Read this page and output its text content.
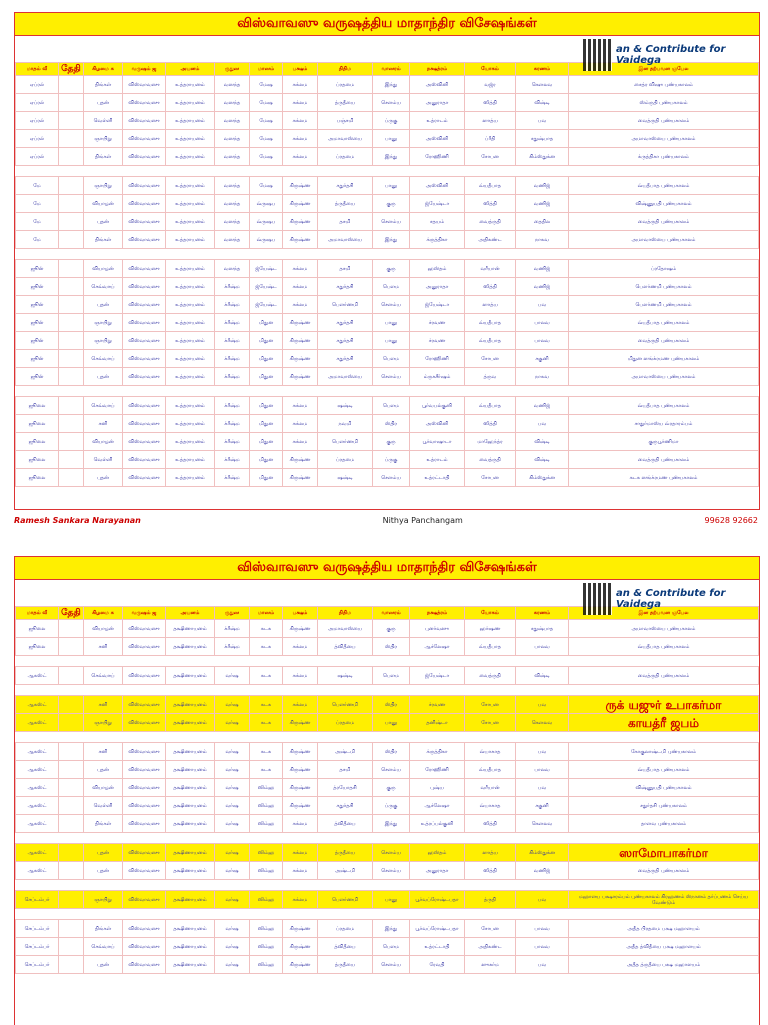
விஸ்வாவஸு வருஷத்திய மாதாந்திர விசேஷங்கள்
an & Contribute for Vaidega
மாதம் வீ	தேதி	கிழமை க	வருஷம் ஜ	அயனம்	ருதுஸ	மாஸம்	பக்ஷம்	திதிம	வாஸரம்	நக்ஷத்ரம்	யோகம்	கரணம்	இன தற்பவன ஞபேல
ஏப்ரல்		திங்கள்	விஸ்வாவஸு	உத்தராயனம்	வஸந்த	மேஷ	சுக்லம	ப்ரதமை	இந்து	அஸ்வினி	வஜ்ர	கௌலவ	சைத்ர விஷு புண்யகாலம்
ஏப்ரல்		புதன்	விஸ்வாவஸு	உத்தராயனம்	வஸந்த	மேஷ	சுக்லம	த்ருதீயை	சௌம்ய	அனுராதா	ஸித்தி	விஷ்டி	ஸ்ம்ருதி புண்யகாலம்
ஏப்ரல்		வெள்ளி	விஸ்வாவஸு	உத்தராயனம்	வஸந்த	மேஷ	சுக்லம	பஞ்சமி	ப்ருகு	உத்ராடம்	ஸாத்ய	பவ	வைத்ருதி புண்யகாலம்
ஏப்ரல்		ஞாயிறு	விஸ்வாவஸு	உத்தராயனம்	வஸந்த	மேஷ	சுக்லம	அமாவாஸ்யை	பானு	அஸ்வினி	ப்ரீதி	சதுஷ்பாத	அமாவாஸ்யை புண்யகாலம்
ஏப்ரல்		திங்கள்	விஸ்வாவஸு	உத்தராயனம்	வஸந்த	மேஷ	சுக்லம	ப்ரதமை	இந்து	ரோஹிணி	சோபன	கிம்ஸ்துக்ன	க்ருத்திகா புண்யகாலம்

மே		ஞாயிறு	விஸ்வாவஸு	உத்தராயனம்	வஸந்த	மேஷ	கிருஷ்ண	சதுர்தசி	பானு	அஸ்வினி	வ்யதீபாத	வணிஜ்	வ்யதீபாத புண்யகாலம்
மே		வியாழன்	விஸ்வாவஸு	உத்தராயனம்	வஸந்த	வ்ருஷப	கிருஷ்ண	த்ருதீயை	குரு	ஜ்யேஷ்டா	ஸித்தி	வணிஜ்	விஷ்ணுபதி புண்யகாலம்
மே		புதன்	விஸ்வாவஸு	உத்தராயனம்	வஸந்த	வ்ருஷப	கிருஷ்ண	தசமி	சௌம்ய	சதயம்	வைத்ருதி	தைதில	வைத்ருதி புண்யகாலம்
மே		திங்கள்	விஸ்வாவஸு	உத்தராயனம்	வஸந்த	வ்ருஷப	கிருஷ்ண	அமாவாஸ்யை	இந்து	க்ருத்திகா	அதிகண்ட	நாகவ	அமாவாஸ்யை புண்யகாலம்

ஜூன்		வியாழன்	விஸ்வாவஸு	உத்தராயனம்	வஸந்த	ஜ்யேஷ்ட	சுக்லம	தசமி	குரு	ஹஸ்தம்	வரீயான்	வணிஜ்	ப்ரதோஷம்
ஜூன்		செவ்வாய்	விஸ்வாவஸு	உத்தராயனம்	க்ரீஷ்ம	ஜ்யேஷ்ட	சுக்லம	சதுர்தசி	பௌம	அனுராதா	ஸித்தி	வணிஜ்	பௌர்ணமி புண்யகாலம்
ஜூன்		புதன்	விஸ்வாவஸு	உத்தராயனம்	க்ரீஷ்ம	ஜ்யேஷ்ட	சுக்லம	பௌர்ணமி	சௌம்ய	ஜ்யேஷ்டா	ஸாத்ய	பவ	பௌர்ணமி புண்யகாலம்
ஜூன்		ஞாயிறு	விஸ்வாவஸு	உத்தராயனம்	க்ரீஷ்ம	மிதுன	கிருஷ்ண	சதுர்தசி	பானு	ச்ரவண	வ்யதீபாத	பாலவ	வ்யதீபாத புண்யகாலம்
ஜூன்		ஞாயிறு	விஸ்வாவஸு	உத்தராயனம்	க்ரீஷ்ம	மிதுன	கிருஷ்ண	சதுர்தசி	பானு	ச்ரவண	வ்யதீபாத	பாலவ	வைத்ருதி புண்யகாலம்
ஜூன்		செவ்வாய்	விஸ்வாவஸு	உத்தராயனம்	க்ரீஷ்ம	மிதுன	கிருஷ்ண	சதுர்தசி	பௌம	ரோஹிணி	சோபன	சகுனி	மிதுன ஸங்க்ரமண புண்யகாலம்
ஜூன்		புதன்	விஸ்வாவஸு	உத்தராயனம்	க்ரீஷ்ம	மிதுன	கிருஷ்ண	அமாவாஸ்யை	சௌம்ய	ம்ருகசீர்ஷம்	த்ருவ	நாகவ	அமாவாஸ்யை புண்யகாலம்

ஜூலை		செவ்வாய்	விஸ்வாவஸு	உத்தராயனம்	க்ரீஷ்ம	மிதுன	சுக்லம	ஷஷ்டி	பௌம	பூர்வபல்குனி	வ்யதீபாத	வணிஜ்	வ்யதீபாத புண்யகாலம்
ஜூலை		சனி	விஸ்வாவஸு	உத்தராயனம்	க்ரீஷ்ம	மிதுன	சுக்லம	நவமி	ஸ்திர	அஸ்வினி	ஸித்தி	பவ	சாதுர்மாஸ்ய வ்ரதாரம்பம்
ஜூலை		வியாழன்	விஸ்வாவஸு	உத்தராயனம்	க்ரீஷ்ம	மிதுன	சுக்லம	பௌர்ணமி	குரு	பூர்வாஷாடா	மாஹேந்த்ர	விஷ்டி	குருபூர்ணிமா
ஜூலை		வெள்ளி	விஸ்வாவஸு	உத்தராயனம்	க்ரீஷ்ம	மிதுன	கிருஷ்ண	ப்ரதமை	ப்ருகு	உத்ராடம்	வைத்ருதி	விஷ்டி	வைத்ருதி புண்யகாலம்
ஜூலை		புதன்	விஸ்வாவஸு	உத்தராயனம்	க்ரீஷ்ம	மிதுன	கிருஷ்ண	ஷஷ்டி	சௌம்ய	உத்ரட்டாதி	சோபன	கிம்ஸ்துக்ன	கடக ஸங்க்ரமண புண்யகாலம்
Ramesh Sankara Narayanan	Nithya Panchangam	99628 92662
விஸ்வாவஸு வருஷத்திய மாதாந்திர விசேஷங்கள்
an & Contribute for Vaidega
மாதம் வீ	தேதி	கிழமை க	வருஷம் ஜ	அயனம்	ருதுஸ	மாஸம்	பக்ஷம்	திதிம	வாஸரம்	நக்ஷத்ரம்	யோகம்	கரணம்	இன தற்பவன ஞபேல
ஜூலை		வியாழன்	விஸ்வாவஸு	தக்ஷிணாயனம்	க்ரீஷ்ம	கடக	கிருஷ்ண	அமாவாஸ்யை	குரு	புனர்வஸு	ஹர்ஷண	சதுஷ்பாத	அமாவாஸ்யை புண்யகாலம்
ஜூலை		சனி	விஸ்வாவஸு	தக்ஷிணாயனம்	க்ரீஷ்ம	கடக	சுக்லம	த்விதீயை	ஸ்திர	ஆச்லேஷா	வ்யதீபாத	பாலவ	வ்யதீபாத புண்யகாலம்

ஆகஸ்ட்		செவ்வாய்	விஸ்வாவஸு	தக்ஷிணாயனம்	வர்ஷ	கடக	சுக்லம	ஷஷ்டி	பௌம	ஜ்யேஷ்டா	வைத்ருதி	விஷ்டி	வைத்ருதி புண்யகாலம்

ஆகஸ்ட்		சனி	விஸ்வாவஸு	தக்ஷிணாயனம்	வர்ஷ	கடக	சுக்லம	பௌர்ணமி	ஸ்திர	ச்ரவண	சோபன	பவ	ருக் யஜுர் உபாகர்மா
ஆகஸ்ட்		ஞாயிறு	விஸ்வாவஸு	தக்ஷிணாயனம்	வர்ஷ	கடக	கிருஷ்ண	ப்ரதமை	பானு	தனிஷ்டா	சோபன	கௌலவ	காயத்ரீ ஜபம்

ஆகஸ்ட்		சனி	விஸ்வாவஸு	தக்ஷிணாயனம்	வர்ஷ	கடக	கிருஷ்ண	அஷ்டமி	ஸ்திர	க்ருத்திகா	வ்யாகாத	பவ	கோகுலாஷ்டமி புண்யகாலம்
ஆகஸ்ட்		புதன்	விஸ்வாவஸு	தக்ஷிணாயனம்	வர்ஷ	கடக	கிருஷ்ண	தசமி	சௌம்ய	ரோஹிணி	வ்யதீபாத	பாலவ	வ்யதீபாத புண்யகாலம்
ஆகஸ்ட்		வியாழன்	விஸ்வாவஸு	தக்ஷிணாயனம்	வர்ஷ	ஸிம்ஹ	கிருஷ்ண	த்ரயோதசி	குரு	புஷ்ய	வரீயான்	பவ	விஷ்ணுபதி புண்யகாலம்
ஆகஸ்ட்		வெள்ளி	விஸ்வாவஸு	தக்ஷிணாயனம்	வர்ஷ	ஸிம்ஹ	கிருஷ்ண	சதுர்தசி	ப்ருகு	ஆச்லேஷா	வ்யாகாத	சகுனி	சதுர்தசி புண்யகாலம்
ஆகஸ்ட்		திங்கள்	விஸ்வாவஸு	தக்ஷிணாயனம்	வர்ஷ	ஸிம்ஹ	சுக்லம	த்விதீயை	இந்து	உத்ரப்பல்குனி	ஸித்தி	கௌலவ	தாளவ புண்யகாலம்

ஆகஸ்ட்		புதன்	விஸ்வாவஸு	தக்ஷிணாயனம்	வர்ஷ	ஸிம்ஹ	சுக்லம	த்ருதீயை	சௌம்ய	ஹஸ்தம்	ஸாத்ய	கிம்ஸ்துக்ன	ஸாமோபாகர்மா
ஆகஸ்ட்		புதன்	விஸ்வாவஸு	தக்ஷிணாயனம்	வர்ஷ	ஸிம்ஹ	சுக்லம	அஷ்டமி	சௌம்ய	அனுராதா	ஸித்தி	வணிஜ்	வைத்ருதி புண்யகாலம்

செப்டம்பர்		ஞாயிறு	விஸ்வாவஸு	தக்ஷிணாயனம்	வர்ஷ	ஸிம்ஹ	சுக்லம	பௌர்ணமி	பானு	பூர்வப்ரோஷ்டபதா	த்ருதி	பவ	மஹாளய பக்ஷாரம்பம் புண்யகாலம் கிரஹணம் ஸ்நானம் தர்ப்பணம் செய்ய வேண்டும்

செப்டம்பர்		திங்கள்	விஸ்வாவஸு	தக்ஷிணாயனம்	வர்ஷ	ஸிம்ஹ	கிருஷ்ண	ப்ரதமை	இந்து	பூர்வப்ரோஷ்டபதா	சோபன	பாலவ	அதீத பிரதமை பக்ஷ மஹாளயம்
செப்டம்பர்		செவ்வாய்	விஸ்வாவஸு	தக்ஷிணாயனம்	வர்ஷ	ஸிம்ஹ	கிருஷ்ண	த்விதீயை	பௌம	உத்ரட்டாதி	அதிகண்ட	பாலவ	அதீத த்விதீயை பக்ஷ மஹாளயம்
செப்டம்பர்		புதன்	விஸ்வாவஸு	தக்ஷிணாயனம்	வர்ஷ	ஸிம்ஹ	கிருஷ்ண	த்ருதீயை	சௌம்ய	ரேவதி	ஸுகர்ம	பவ	அதீத த்ருதீயை பக்ஷ மஹாளயம்
